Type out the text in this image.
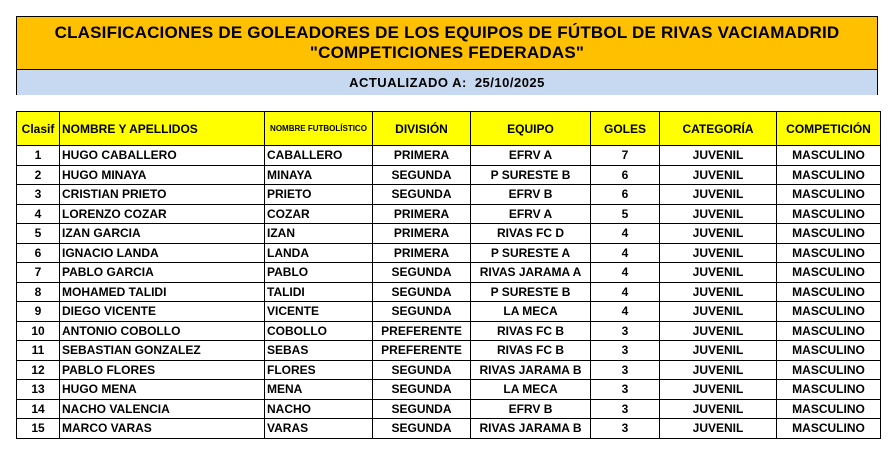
CLASIFICACIONES DE GOLEADORES DE LOS EQUIPOS DE FÚTBOL DE RIVAS VACIAMADRID
"COMPETICIONES FEDERADAS"
ACTUALIZADO A: 25/10/2025
Clasif	NOMBRE Y APELLIDOS	NOMBRE FUTBOLÍSTICO	DIVISIÓN	EQUIPO	GOLES	CATEGORÍA	COMPETICIÓN
1	HUGO CABALLERO	CABALLERO	PRIMERA	EFRV A	7	JUVENIL	MASCULINO
2	HUGO MINAYA	MINAYA	SEGUNDA	P SURESTE B	6	JUVENIL	MASCULINO
3	CRISTIAN PRIETO	PRIETO	SEGUNDA	EFRV B	6	JUVENIL	MASCULINO
4	LORENZO COZAR	COZAR	PRIMERA	EFRV A	5	JUVENIL	MASCULINO
5	IZAN GARCIA	IZAN	PRIMERA	RIVAS FC D	4	JUVENIL	MASCULINO
6	IGNACIO LANDA	LANDA	PRIMERA	P SURESTE A	4	JUVENIL	MASCULINO
7	PABLO GARCIA	PABLO	SEGUNDA	RIVAS JARAMA A	4	JUVENIL	MASCULINO
8	MOHAMED TALIDI	TALIDI	SEGUNDA	P SURESTE B	4	JUVENIL	MASCULINO
9	DIEGO VICENTE	VICENTE	SEGUNDA	LA MECA	4	JUVENIL	MASCULINO
10	ANTONIO COBOLLO	COBOLLO	PREFERENTE	RIVAS FC B	3	JUVENIL	MASCULINO
11	SEBASTIAN GONZALEZ	SEBAS	PREFERENTE	RIVAS FC B	3	JUVENIL	MASCULINO
12	PABLO FLORES	FLORES	SEGUNDA	RIVAS JARAMA B	3	JUVENIL	MASCULINO
13	HUGO MENA	MENA	SEGUNDA	LA MECA	3	JUVENIL	MASCULINO
14	NACHO VALENCIA	NACHO	SEGUNDA	EFRV B	3	JUVENIL	MASCULINO
15	MARCO VARAS	VARAS	SEGUNDA	RIVAS JARAMA B	3	JUVENIL	MASCULINO
